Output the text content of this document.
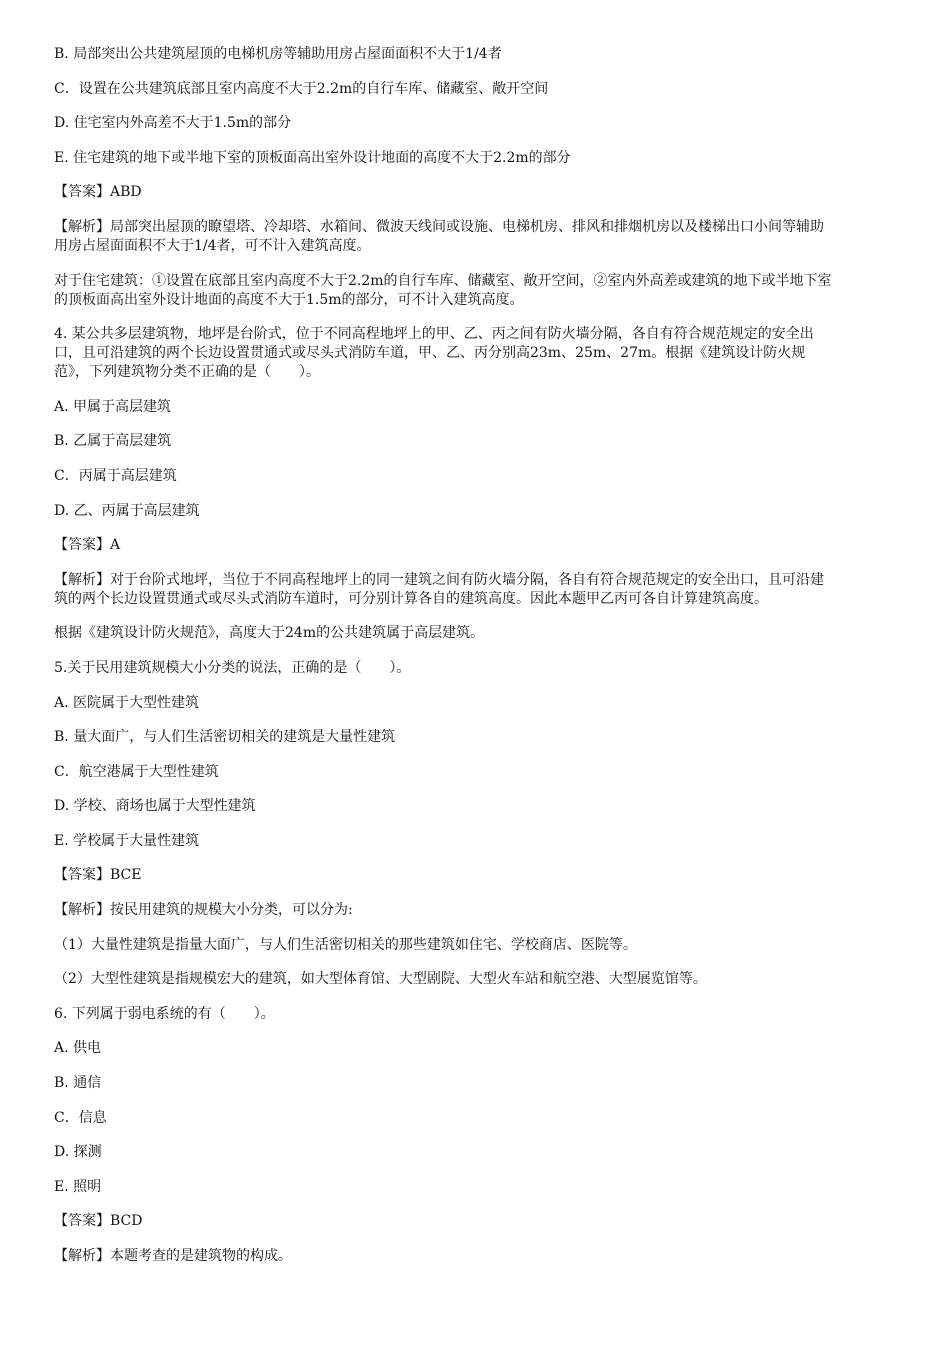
B. 局部突出公共建筑屋顶的电梯机房等辅助用房占屋面面积不大于1/4者

C．设置在公共建筑底部且室内高度不大于2.2m的自行车库、储藏室、敞开空间

D. 住宅室内外高差不大于1.5m的部分

E. 住宅建筑的地下或半地下室的顶板面高出室外设计地面的高度不大于2.2m的部分

【答案】ABD

【解析】局部突出屋顶的瞭望塔、冷却塔、水箱间、微波天线间或设施、电梯机房、排风和排烟机房以及楼梯出口小间等辅助
用房占屋面面积不大于1/4者，可不计入建筑高度。

对于住宅建筑：①设置在底部且室内高度不大于2.2m的自行车库、储藏室、敞开空间，②室内外高差或建筑的地下或半地下室
的顶板面高出室外设计地面的高度不大于1.5m的部分，可不计入建筑高度。

4. 某公共多层建筑物，地坪是台阶式，位于不同高程地坪上的甲、乙、丙之间有防火墙分隔，各自有符合规范规定的安全出
口，且可沿建筑的两个长边设置贯通式或尽头式消防车道，甲、乙、丙分别高23m、25m、27m。根据《建筑设计防火规
范》，下列建筑物分类不正确的是（　　）。

A. 甲属于高层建筑

B. 乙属于高层建筑

C．丙属于高层建筑

D. 乙、丙属于高层建筑

【答案】A

【解析】对于台阶式地坪，当位于不同高程地坪上的同一建筑之间有防火墙分隔，各自有符合规范规定的安全出口，且可沿建
筑的两个长边设置贯通式或尽头式消防车道时，可分别计算各自的建筑高度。因此本题甲乙丙可各自计算建筑高度。

根据《建筑设计防火规范》，高度大于24m的公共建筑属于高层建筑。

5.关于民用建筑规模大小分类的说法，正确的是（　　）。

A. 医院属于大型性建筑

B. 量大面广，与人们生活密切相关的建筑是大量性建筑

C．航空港属于大型性建筑

D. 学校、商场也属于大型性建筑

E. 学校属于大量性建筑

【答案】BCE

【解析】按民用建筑的规模大小分类，可以分为:

（1）大量性建筑是指量大面广，与人们生活密切相关的那些建筑如住宅、学校商店、医院等。

（2）大型性建筑是指规模宏大的建筑，如大型体育馆、大型剧院、大型火车站和航空港、大型展览馆等。

6. 下列属于弱电系统的有（　　）。

A. 供电

B. 通信

C．信息

D. 探测

E. 照明

【答案】BCD

【解析】本题考查的是建筑物的构成。
